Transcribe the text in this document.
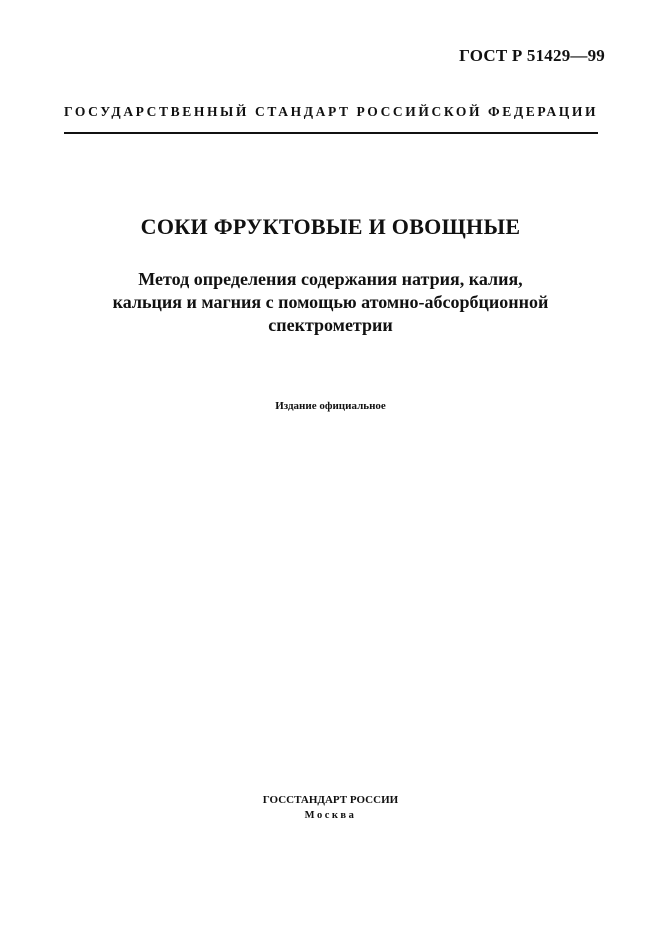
ГОСТ Р 51429—99
ГОСУДАРСТВЕННЫЙ СТАНДАРТ РОССИЙСКОЙ ФЕДЕРАЦИИ
СОКИ ФРУКТОВЫЕ И ОВОЩНЫЕ
Метод определения содержания натрия, калия,
кальция и магния с помощью атомно-абсорбционной
спектрометрии
Издание официальное
ГОССТАНДАРТ РОССИИ
Москва
